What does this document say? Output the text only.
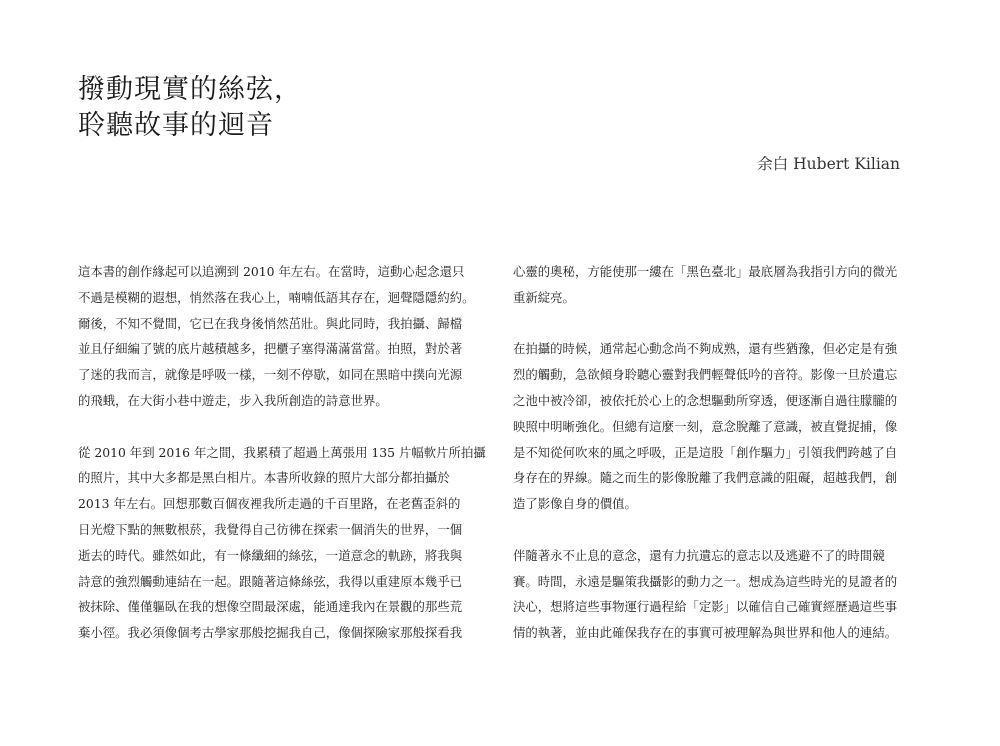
撥動現實的絲弦，
聆聽故事的迴音
余白 Hubert Kilian

這本書的創作緣起可以追溯到 2010 年左右。在當時，這動心起念還只
不過是模糊的遐想，悄然落在我心上，喃喃低語其存在，迴聲隱隱約約。
爾後，不知不覺間，它已在我身後悄然茁壯。與此同時，我拍攝、歸檔
並且仔細編了號的底片越積越多，把櫃子塞得滿滿當當。拍照，對於著
了迷的我而言，就像是呼吸一樣，一刻不停歇，如同在黑暗中撲向光源
的飛蛾，在大街小巷中遊走，步入我所創造的詩意世界。

從 2010 年到 2016 年之間，我累積了超過上萬張用 135 片幅軟片所拍攝
的照片，其中大多都是黑白相片。本書所收錄的照片大部分都拍攝於
2013 年左右。回想那數百個夜裡我所走過的千百里路，在老舊歪斜的
日光燈下點的無數根菸，我覺得自己彷彿在探索一個消失的世界，一個
逝去的時代。雖然如此，有一條纖細的絲弦，一道意念的軌跡，將我與
詩意的強烈觸動連結在一起。跟隨著這條絲弦，我得以重建原本幾乎已
被抹除、僅僅軀臥在我的想像空間最深處，能通達我內在景觀的那些荒
棄小徑。我必須像個考古學家那般挖掘我自己，像個探險家那般探看我

心靈的奧秘，方能使那一縷在「黑色臺北」最底層為我指引方向的微光
重新綻亮。

在拍攝的時候，通常起心動念尚不夠成熟，還有些猶豫，但必定是有強
烈的觸動，急欲傾身聆聽心靈對我們輕聲低吟的音符。影像一旦於遺忘
之池中被冷卻，被依托於心上的念想驅動所穿透，便逐漸自過往朦朧的
映照中明晰強化。但總有這麼一刻，意念脫離了意識，被直覺捉捕，像
是不知從何吹來的風之呼吸，正是這股「創作驅力」引領我們跨越了自
身存在的界線。隨之而生的影像脫離了我們意識的阻礙，超越我們，創
造了影像自身的價值。

伴隨著永不止息的意念，還有力抗遺忘的意志以及逃避不了的時間競
賽。時間，永遠是驅策我攝影的動力之一。想成為這些時光的見證者的
決心，想將這些事物運行過程給「定影」以確信自己確實經歷過這些事
情的執著，並由此確保我存在的事實可被理解為與世界和他人的連結。
